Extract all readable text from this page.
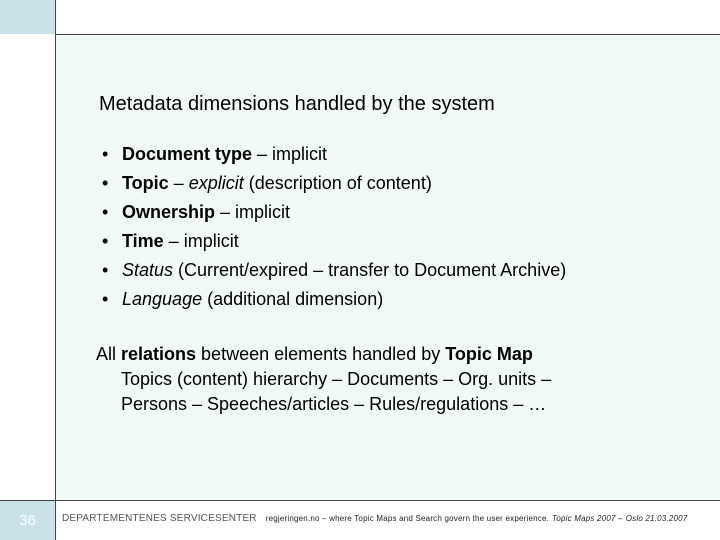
36
Metadata dimensions handled by the system
• Document type – implicit
• Topic – explicit (description of content)
• Ownership – implicit
• Time – implicit
• Status (Current/expired – transfer to Document Archive)
• Language (additional dimension)
All relations between elements handled by Topic Map
Topics (content) hierarchy – Documents – Org. units –
Persons – Speeches/articles – Rules/regulations – …
DEPARTEMENTENES SERVICESENTER regjeringen.no – where Topic Maps and Search govern the user experience. Topic Maps 2007 – Oslo 21.03.2007
